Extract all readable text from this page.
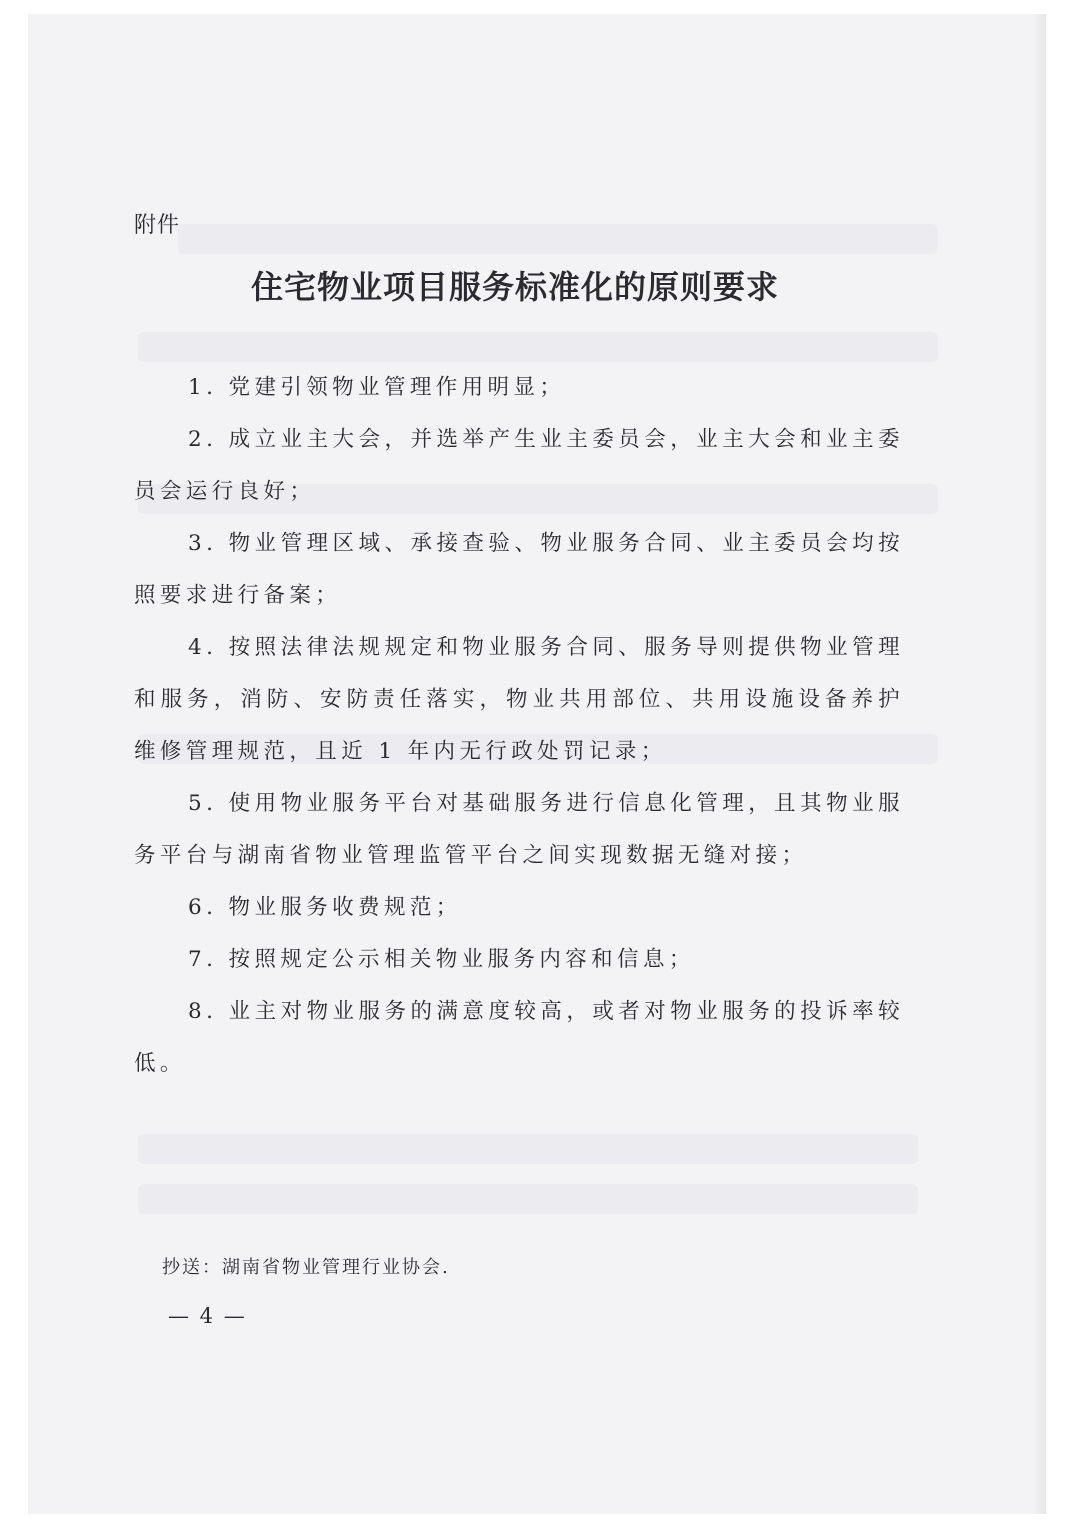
附件
住宅物业项目服务标准化的原则要求
1. 党建引领物业管理作用明显；
2. 成立业主大会，并选举产生业主委员会，业主大会和业主委员会运行良好；
3. 物业管理区域、承接查验、物业服务合同、业主委员会均按照要求进行备案；
4. 按照法律法规规定和物业服务合同、服务导则提供物业管理和服务，消防、安防责任落实，物业共用部位、共用设施设备养护维修管理规范，且近 1 年内无行政处罚记录；
5. 使用物业服务平台对基础服务进行信息化管理，且其物业服务平台与湖南省物业管理监管平台之间实现数据无缝对接；
6. 物业服务收费规范；
7. 按照规定公示相关物业服务内容和信息；
8. 业主对物业服务的满意度较高，或者对物业服务的投诉率较低。
抄送：湖南省物业管理行业协会.
— 4 —
